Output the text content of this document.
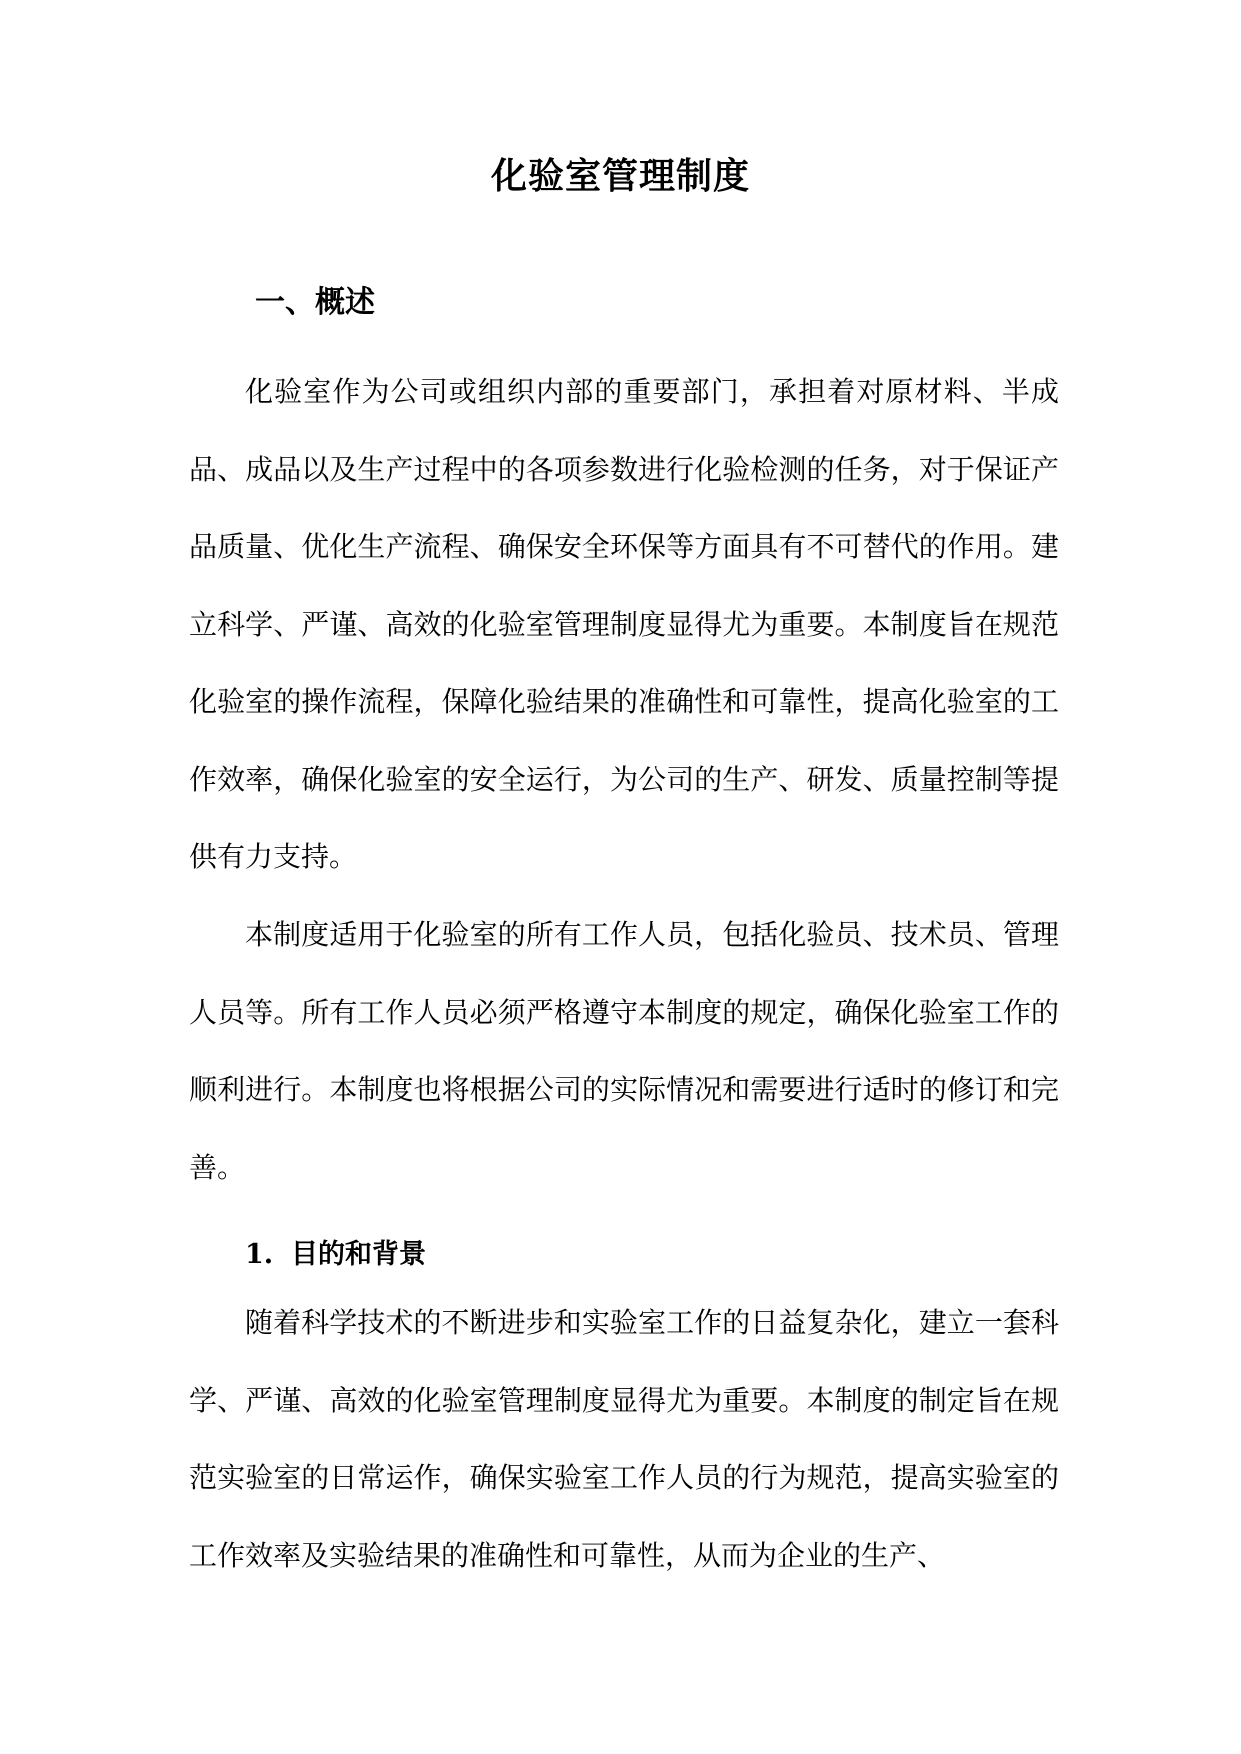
化验室管理制度
一、概述

化验室作为公司或组织内部的重要部门，承担着对原材料、半成品、成品以及生产过程中的各项参数进行化验检测的任务，对于保证产品质量、优化生产流程、确保安全环保等方面具有不可替代的作用。建立科学、严谨、高效的化验室管理制度显得尤为重要。本制度旨在规范化验室的操作流程，保障化验结果的准确性和可靠性，提高化验室的工作效率，确保化验室的安全运行，为公司的生产、研发、质量控制等提供有力支持。

本制度适用于化验室的所有工作人员，包括化验员、技术员、管理人员等。所有工作人员必须严格遵守本制度的规定，确保化验室工作的顺利进行。本制度也将根据公司的实际情况和需要进行适时的修订和完善。

1. 目的和背景

随着科学技术的不断进步和实验室工作的日益复杂化，建立一套科学、严谨、高效的化验室管理制度显得尤为重要。本制度的制定旨在规范实验室的日常运作，确保实验室工作人员的行为规范，提高实验室的工作效率及实验结果的准确性和可靠性，从而为企业的生产、
